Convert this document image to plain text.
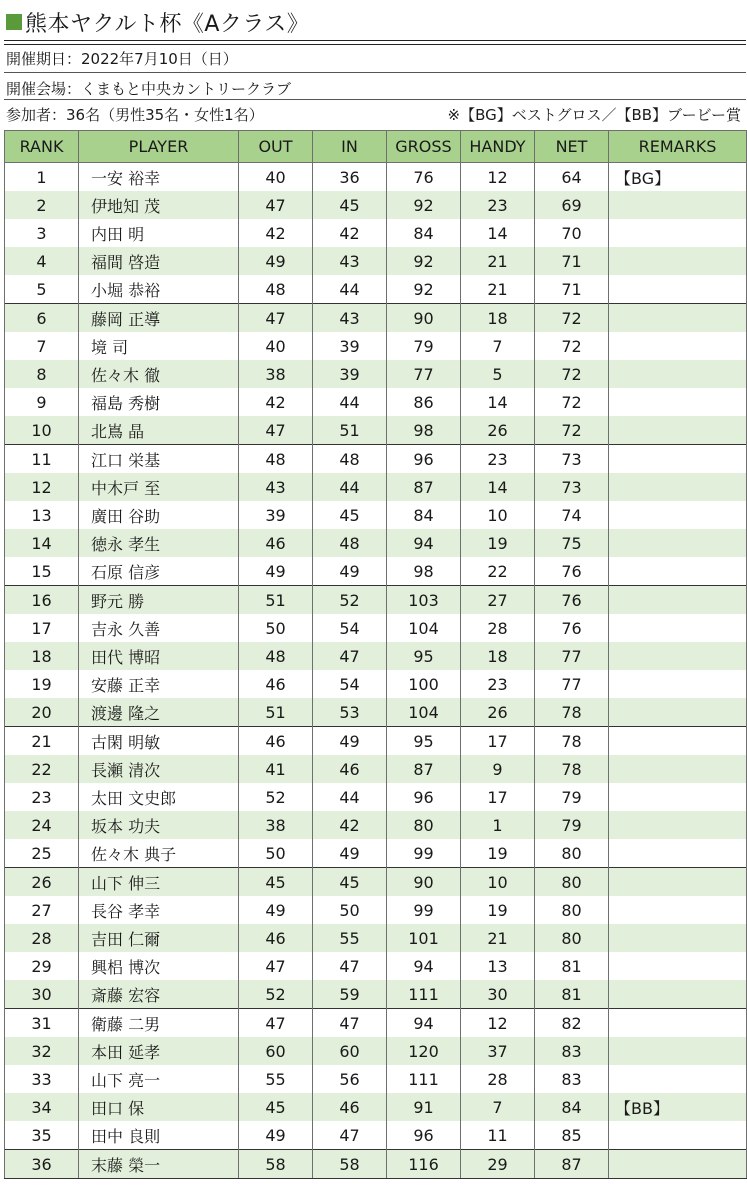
熊本ヤクルト杯《Aクラス》
開催期日：2022年7月10日（日）
開催会場：くまもと中央カントリークラブ
参加者：36名（男性35名・女性1名）	※【BG】ベストグロス／【BB】ブービー賞
RANK	PLAYER	OUT	IN	GROSS	HANDY	NET	REMARKS
1	一安 裕幸	40	36	76	12	64	【BG】
2	伊地知 茂	47	45	92	23	69	
3	内田 明	42	42	84	14	70	
4	福間 啓造	49	43	92	21	71	
5	小堀 恭裕	48	44	92	21	71	
6	藤岡 正導	47	43	90	18	72	
7	境 司	40	39	79	7	72	
8	佐々木 徹	38	39	77	5	72	
9	福島 秀樹	42	44	86	14	72	
10	北嶌 晶	47	51	98	26	72	
11	江口 栄基	48	48	96	23	73	
12	中木戸 至	43	44	87	14	73	
13	廣田 谷助	39	45	84	10	74	
14	徳永 孝生	46	48	94	19	75	
15	石原 信彦	49	49	98	22	76	
16	野元 勝	51	52	103	27	76	
17	吉永 久善	50	54	104	28	76	
18	田代 博昭	48	47	95	18	77	
19	安藤 正幸	46	54	100	23	77	
20	渡邊 隆之	51	53	104	26	78	
21	古閑 明敏	46	49	95	17	78	
22	長瀬 清次	41	46	87	9	78	
23	太田 文史郎	52	44	96	17	79	
24	坂本 功夫	38	42	80	1	79	
25	佐々木 典子	50	49	99	19	80	
26	山下 伸三	45	45	90	10	80	
27	長谷 孝幸	49	50	99	19	80	
28	吉田 仁爾	46	55	101	21	80	
29	興梠 博次	47	47	94	13	81	
30	斎藤 宏容	52	59	111	30	81	
31	衛藤 二男	47	47	94	12	82	
32	本田 延孝	60	60	120	37	83	
33	山下 亮一	55	56	111	28	83	
34	田口 保	45	46	91	7	84	【BB】
35	田中 良則	49	47	96	11	85	
36	末藤 榮一	58	58	116	29	87	
